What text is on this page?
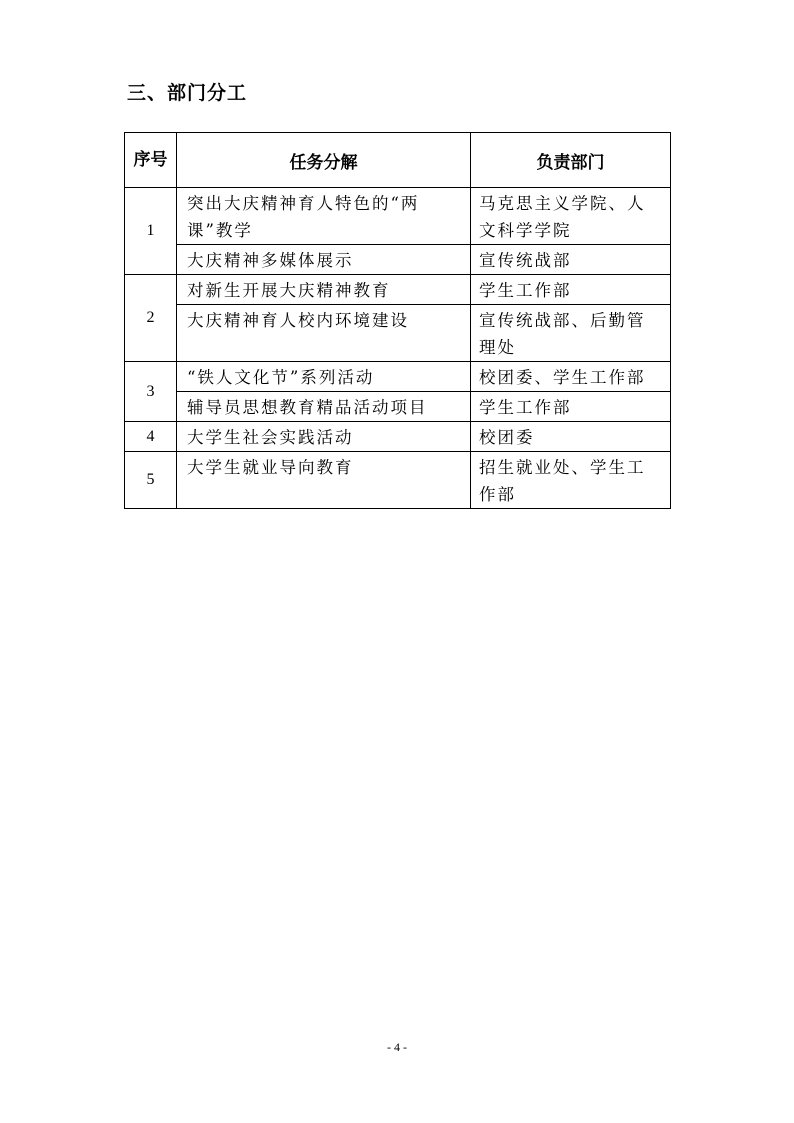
三、部门分工
序号	任务分解	负责部门
1	突出大庆精神育人特色的“两课”教学	马克思主义学院、人文科学学院
	大庆精神多媒体展示	宣传统战部
2	对新生开展大庆精神教育	学生工作部
	大庆精神育人校内环境建设	宣传统战部、后勤管理处
3	“铁人文化节”系列活动	校团委、学生工作部
	辅导员思想教育精品活动项目	学生工作部
4	大学生社会实践活动	校团委
5	大学生就业导向教育	招生就业处、学生工作部
- 4 -
